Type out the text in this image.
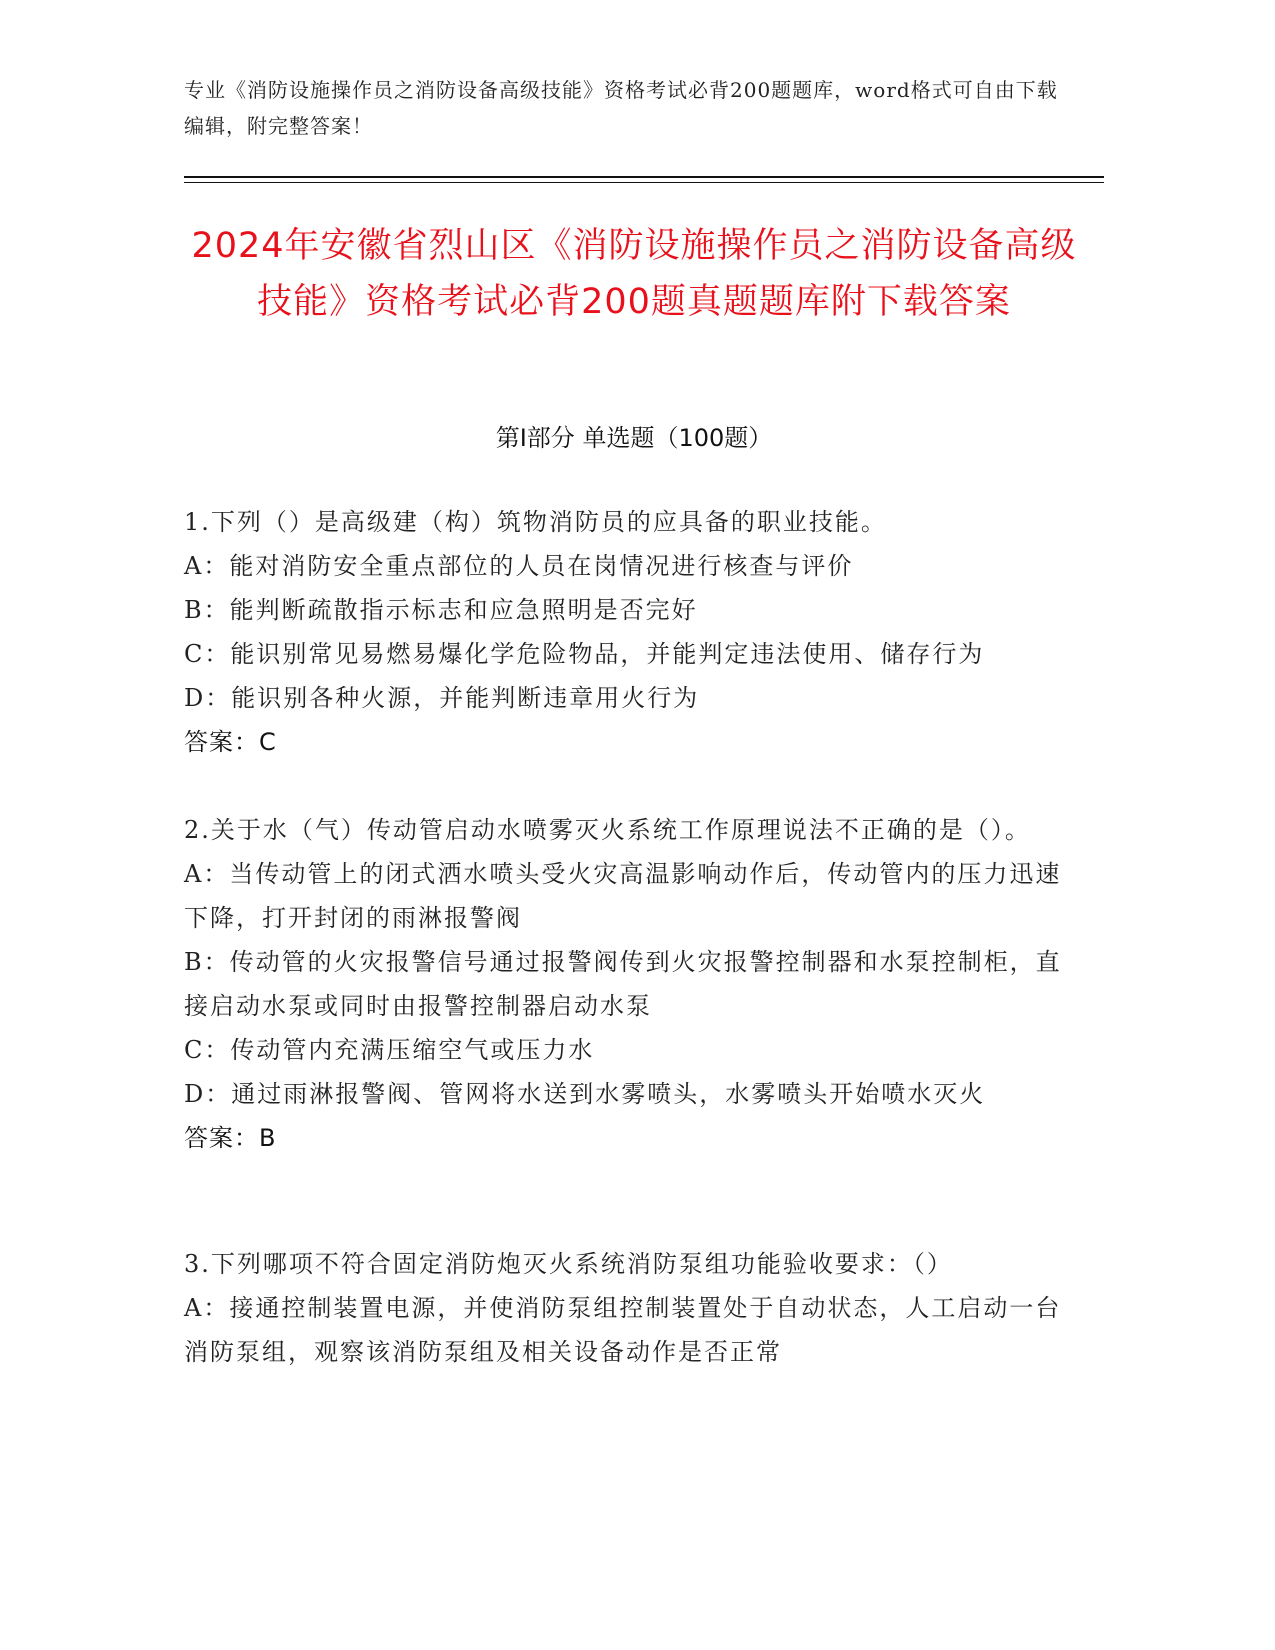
专业《消防设施操作员之消防设备高级技能》资格考试必背200题题库，word格式可自由下载编辑，附完整答案！
2024年安徽省烈山区《消防设施操作员之消防设备高级技能》资格考试必背200题真题题库附下载答案
第I部分 单选题（100题）

1.下列（）是高级建（构）筑物消防员的应具备的职业技能。

A：能对消防安全重点部位的人员在岗情况进行核查与评价

B：能判断疏散指示标志和应急照明是否完好

C：能识别常见易燃易爆化学危险物品，并能判定违法使用、储存行为

D：能识别各种火源，并能判断违章用火行为

答案：C

2.关于水（气）传动管启动水喷雾灭火系统工作原理说法不正确的是（）。

A：当传动管上的闭式洒水喷头受火灾高温影响动作后，传动管内的压力迅速下降，打开封闭的雨淋报警阀

B：传动管的火灾报警信号通过报警阀传到火灾报警控制器和水泵控制柜，直接启动水泵或同时由报警控制器启动水泵

C：传动管内充满压缩空气或压力水

D：通过雨淋报警阀、管网将水送到水雾喷头，水雾喷头开始喷水灭火

答案：B

3.下列哪项不符合固定消防炮灭火系统消防泵组功能验收要求：（）

A：接通控制装置电源，并使消防泵组控制装置处于自动状态，人工启动一台消防泵组，观察该消防泵组及相关设备动作是否正常
